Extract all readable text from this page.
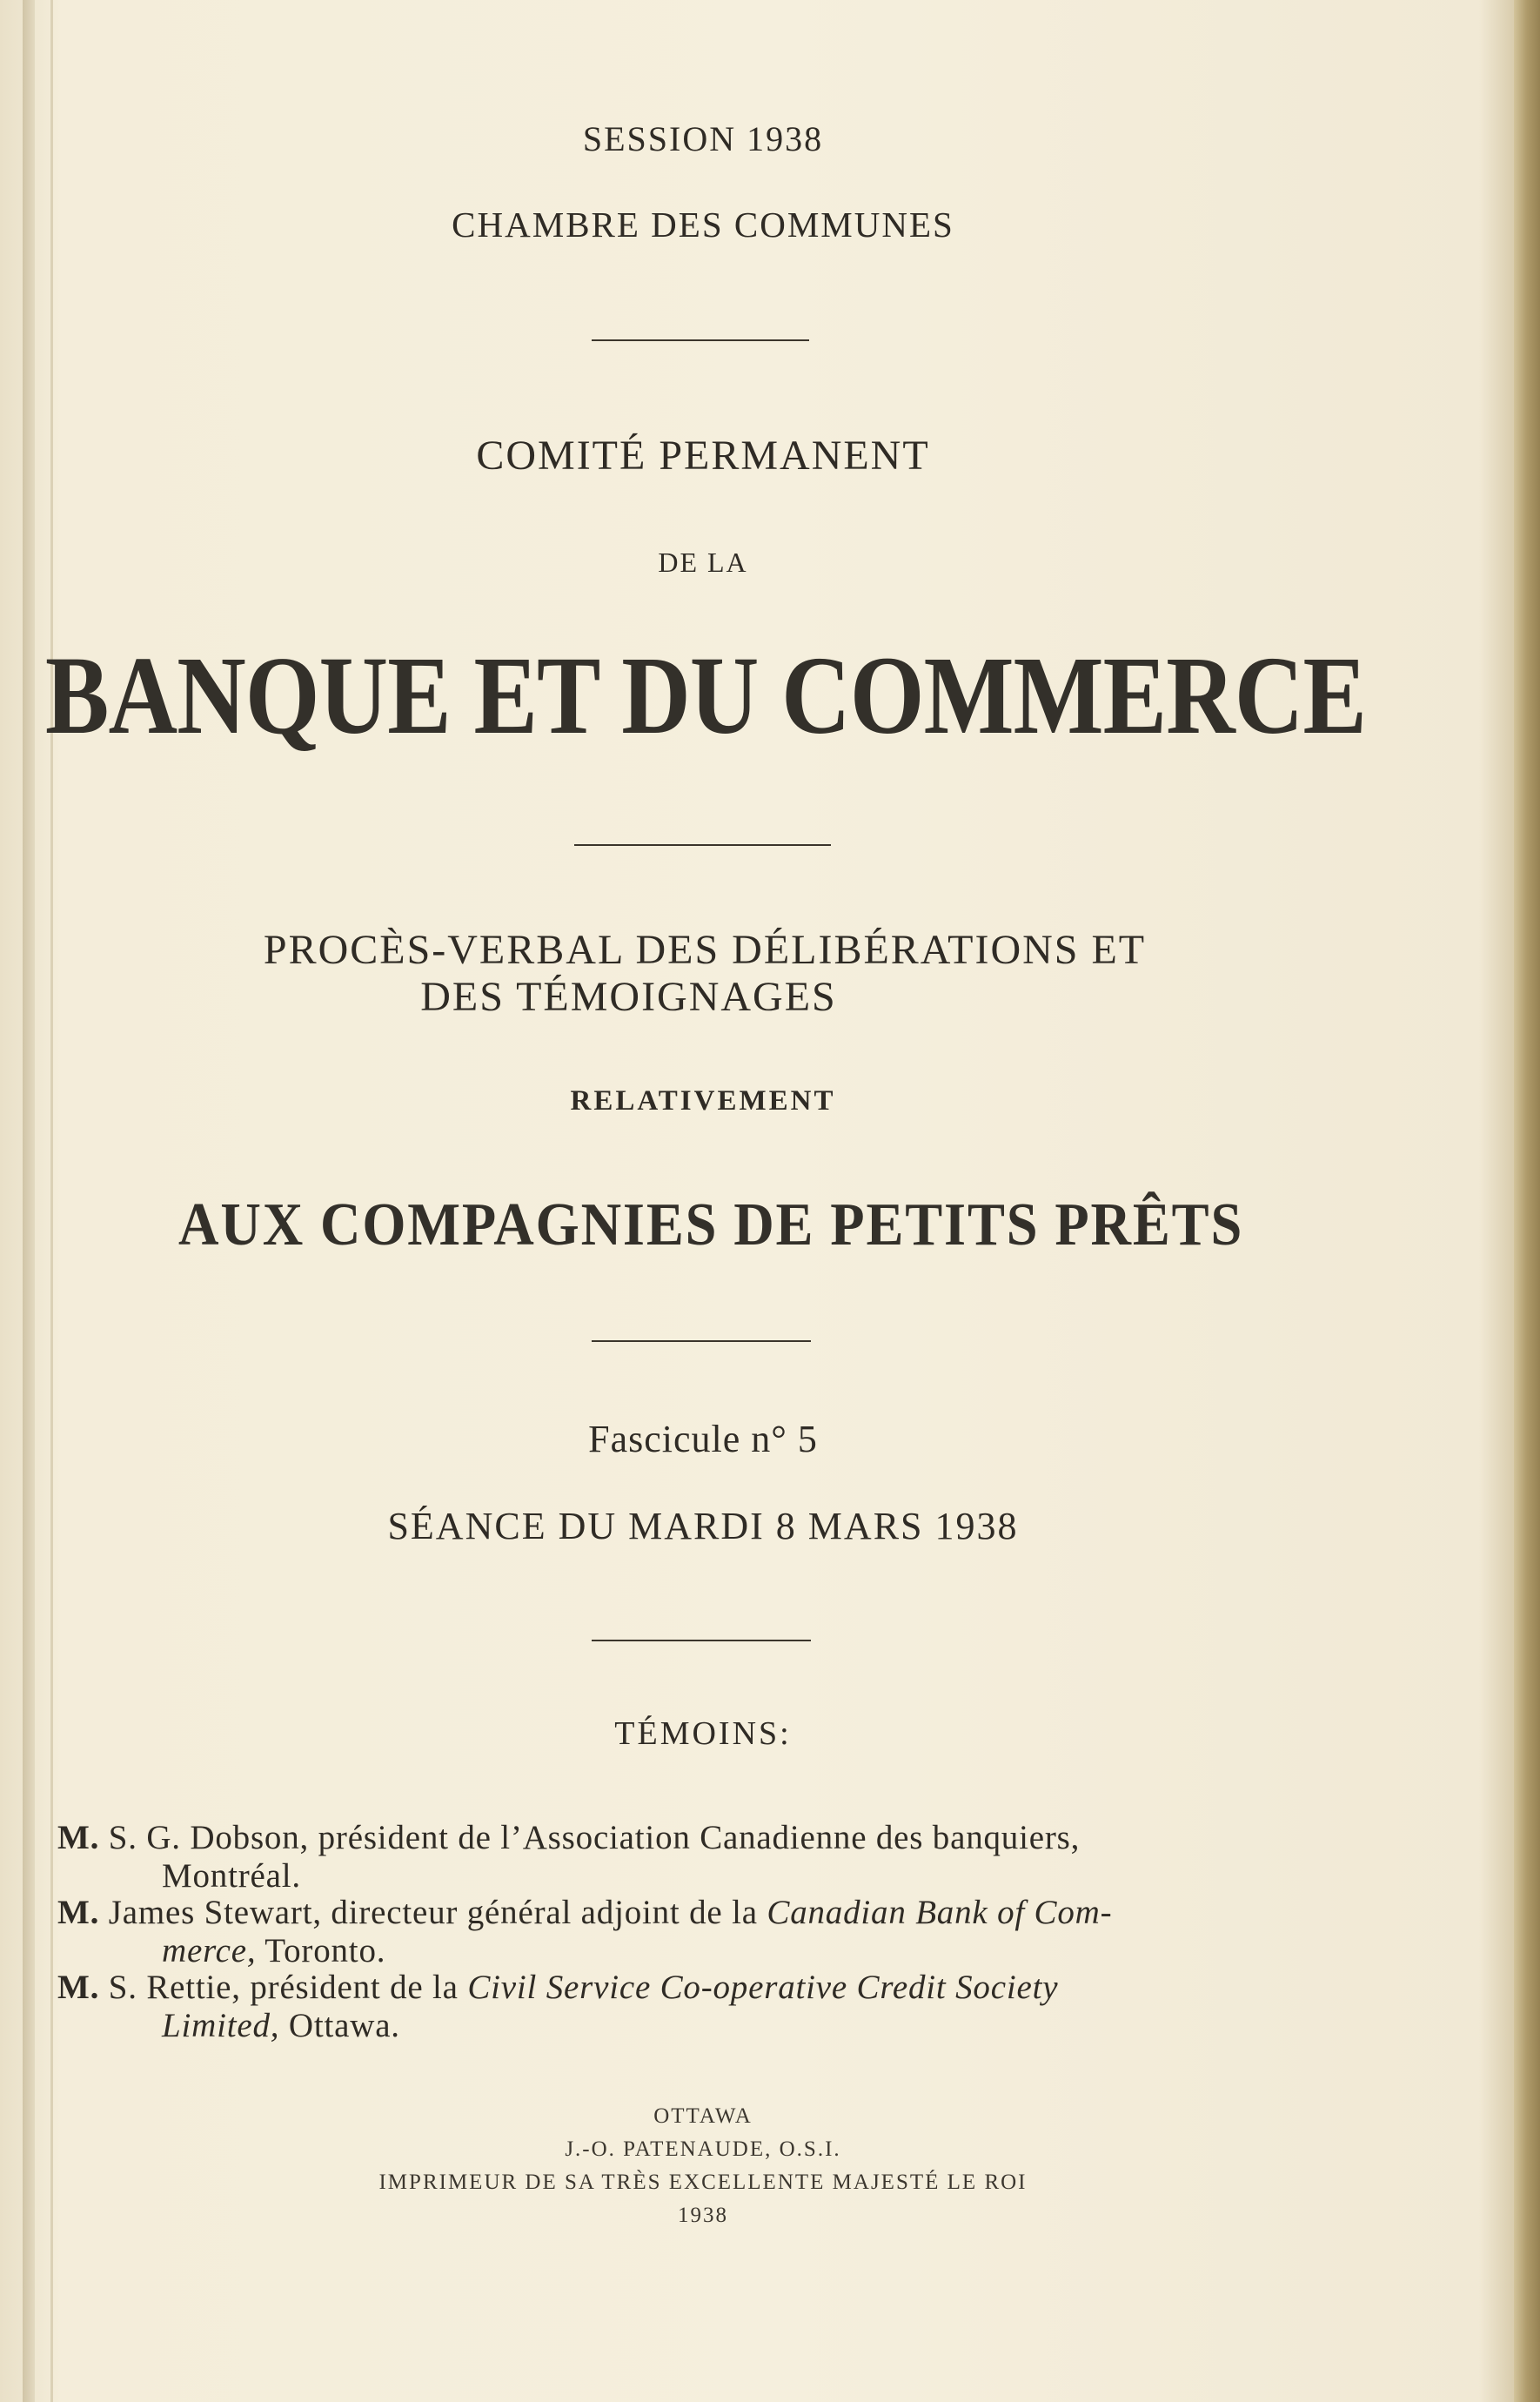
SESSION 1938
CHAMBRE DES COMMUNES
COMITÉ PERMANENT
DE LA
BANQUE ET DU COMMERCE
PROCÈS-VERBAL DES DÉLIBÉRATIONS ET
DES TÉMOIGNAGES
RELATIVEMENT
AUX COMPAGNIES DE PETITS PRÊTS
Fascicule n° 5
SÉANCE DU MARDI 8 MARS 1938
TÉMOINS:
M. S. G. Dobson, président de l’Association Canadienne des banquiers,
Montréal.
M. James Stewart, directeur général adjoint de la Canadian Bank of Com-
merce, Toronto.
M. S. Rettie, président de la Civil Service Co-operative Credit Society
Limited, Ottawa.
OTTAWA
J.-O. PATENAUDE, O.S.I.
IMPRIMEUR DE SA TRÈS EXCELLENTE MAJESTÉ LE ROI
1938
